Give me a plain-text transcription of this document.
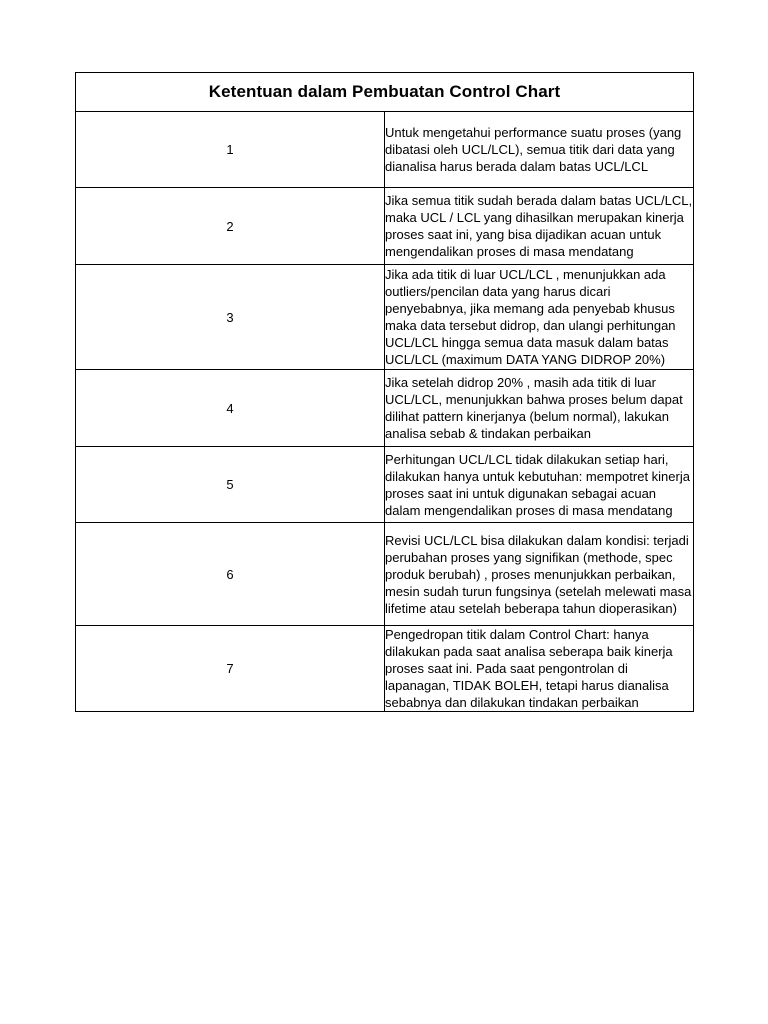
Ketentuan dalam Pembuatan Control Chart	
1	Untuk mengetahui performance suatu proses (yang dibatasi oleh UCL/LCL), semua titik dari data yang dianalisa harus berada dalam batas UCL/LCL
2	Jika semua titik sudah berada dalam batas UCL/LCL, maka UCL / LCL yang dihasilkan merupakan kinerja proses saat ini, yang bisa dijadikan acuan untuk mengendalikan proses di masa mendatang
3	Jika ada titik di luar UCL/LCL , menunjukkan ada outliers/pencilan data yang harus dicari penyebabnya, jika memang ada penyebab khusus maka data tersebut didrop, dan ulangi perhitungan UCL/LCL hingga semua data masuk dalam batas UCL/LCL (maximum DATA YANG DIDROP 20%)
4	Jika setelah didrop 20% , masih ada titik di luar UCL/LCL, menunjukkan bahwa proses belum dapat dilihat pattern kinerjanya (belum normal), lakukan analisa sebab & tindakan perbaikan
5	Perhitungan UCL/LCL tidak dilakukan setiap hari, dilakukan hanya untuk kebutuhan: mempotret kinerja proses saat ini untuk digunakan sebagai acuan dalam mengendalikan proses di masa mendatang
6	Revisi UCL/LCL bisa dilakukan dalam kondisi: terjadi perubahan proses yang signifikan (methode, spec produk berubah) , proses menunjukkan perbaikan, mesin sudah turun fungsinya (setelah melewati masa lifetime atau setelah beberapa tahun dioperasikan)
7	Pengedropan titik dalam Control Chart: hanya dilakukan pada saat analisa seberapa baik kinerja proses saat ini. Pada saat pengontrolan di lapanagan, TIDAK BOLEH, tetapi harus dianalisa sebabnya dan dilakukan tindakan perbaikan
